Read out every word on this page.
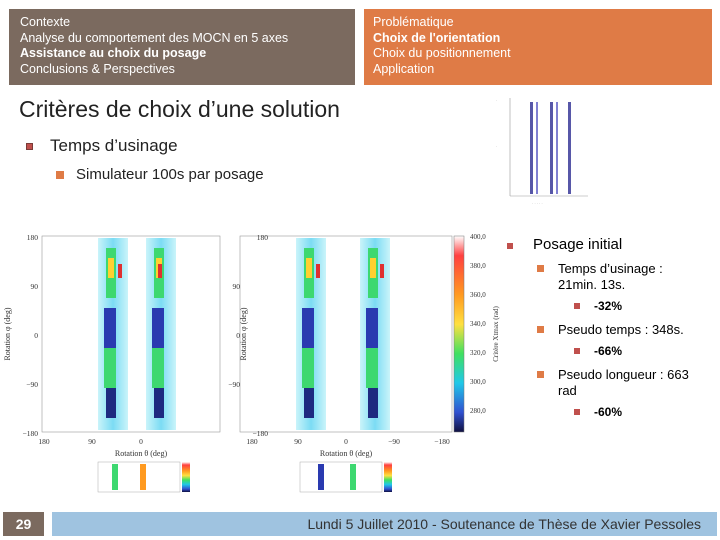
Contexte
Analyse du comportement des MOCN en 5 axes
Assistance au choix du posage
Conclusions & Perspectives
Problématique
Choix de l'orientation
Choix du positionnement
Application
Critères de choix d’une solution
Temps d’usinage
Simulateur 100s par posage
·
·
· · · · ·
180
90
0
−90
−180
180
90
0
−90
−180
Rotation φ (deg)	Rotation φ (deg)
180	90	0	180	90	0	−90	−180
Rotation θ (deg)	Rotation θ (deg)
400,0
380,0
360,0
340,0
320,0
300,0
280,0
Critère Xtmax (rad)
Posage initial
Temps d’usinage :
21min. 13s.
-32%
Pseudo temps : 348s.
-66%
Pseudo longueur : 663
rad
-60%
29	Lundi 5 Juillet 2010 - Soutenance de Thèse de Xavier Pessoles
